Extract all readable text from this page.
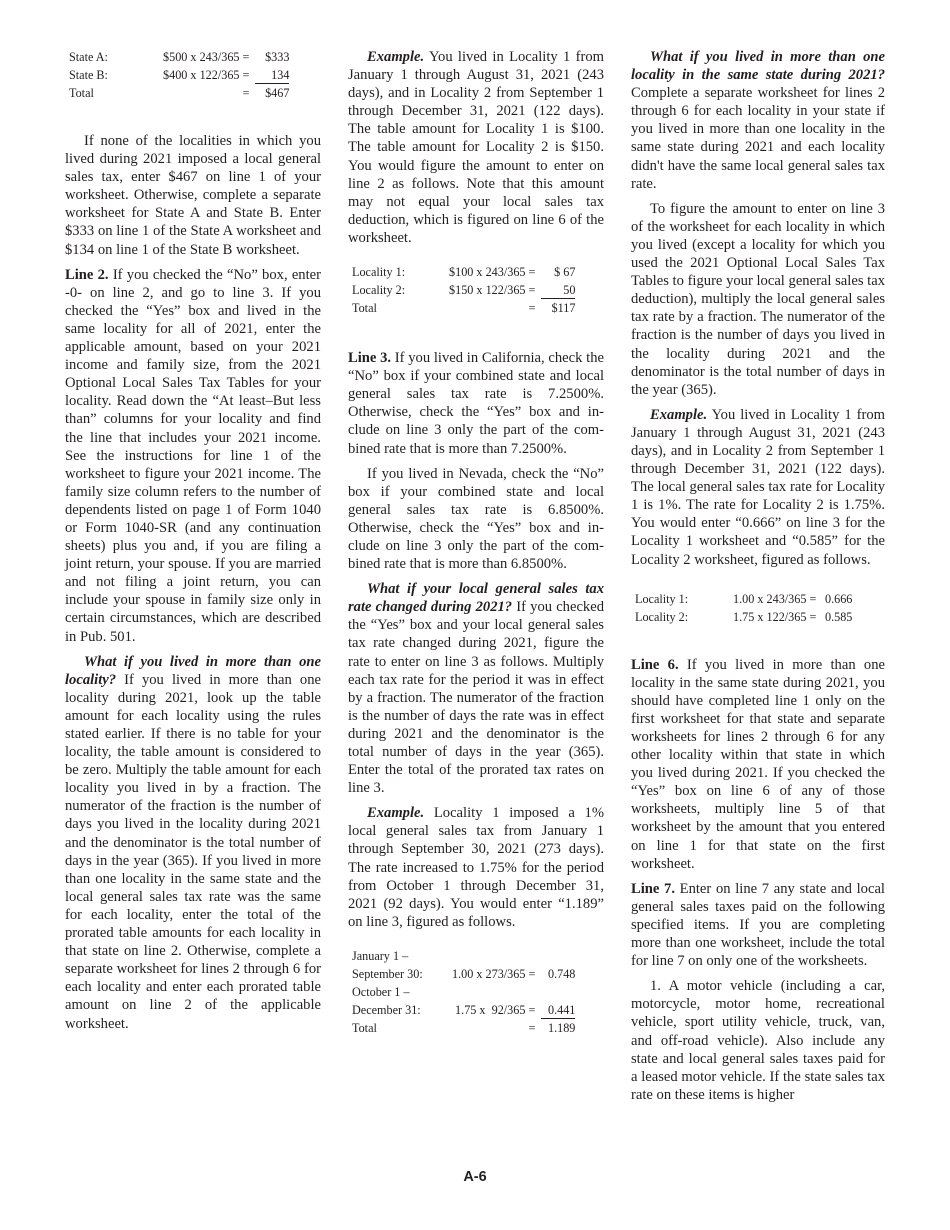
State A:	$500 x 243/365 =	$333
State B:	$400 x 122/365 =	134
Total	=	$467

If none of the localities in which you lived during 2021 imposed a local general sales tax, enter $467 on line 1 of your worksheet. Otherwise, complete a separate worksheet for State A and State B. Enter $333 on line 1 of the State A worksheet and $134 on line 1 of the State B worksheet.

Line 2. If you checked the “No” box, enter -0- on line 2, and go to line 3. If you checked the “Yes” box and lived in the same locality for all of 2021, enter the applicable amount, based on your 2021 income and family size, from the 2021 Optional Local Sales Tax Tables for your locality. Read down the “At least–But less than” columns for your locality and find the line that includes your 2021 income. See the instructions for line 1 of the worksheet to figure your 2021 income. The family size column refers to the number of dependents listed on page 1 of Form 1040 or Form 1040-SR (and any continuation sheets) plus you and, if you are filing a joint return, your spouse. If you are married and not filing a joint return, you can include your spouse in family size only in certain circumstances, which are described in Pub. 501.

What if you lived in more than one locality? If you lived in more than one locality during 2021, look up the table amount for each locality using the rules stated earlier. If there is no table for your locality, the table amount is considered to be zero. Multiply the table amount for each locality you lived in by a fraction. The numerator of the fraction is the number of days you lived in the locality during 2021 and the denominator is the total number of days in the year (365). If you lived in more than one locality in the same state and the local general sales tax rate was the same for each locality, enter the total of the prorated table amounts for each locality in that state on line 2. Otherwise, complete a separate worksheet for lines 2 through 6 for each locality and enter each prorated table amount on line 2 of the applicable worksheet.

Example. You lived in Locality 1 from January 1 through August 31, 2021 (243 days), and in Locality 2 from September 1 through December 31, 2021 (122 days). The table amount for Locality 1 is $100. The table amount for Locality 2 is $150. You would figure the amount to enter on line 2 as follows. Note that this amount may not equal your local sales tax deduction, which is figured on line 6 of the worksheet.

Locality 1:	$100 x 243/365 =	$ 67
Locality 2:	$150 x 122/365 =	50
Total	=	$117

Line 3. If you lived in California, check the “No” box if your combined state and local general sales tax rate is 7.2500%. Otherwise, check the “Yes” box and include on line 3 only the part of the combined rate that is more than 7.2500%.

If you lived in Nevada, check the “No” box if your combined state and local general sales tax rate is 6.8500%. Otherwise, check the “Yes” box and include on line 3 only the part of the combined rate that is more than 6.8500%.

What if your local general sales tax rate changed during 2021? If you checked the “Yes” box and your local general sales tax rate changed during 2021, figure the rate to enter on line 3 as follows. Multiply each tax rate for the period it was in effect by a fraction. The numerator of the fraction is the number of days the rate was in effect during 2021 and the denominator is the total number of days in the year (365). Enter the total of the prorated tax rates on line 3.

Example. Locality 1 imposed a 1% local general sales tax from January 1 through September 30, 2021 (273 days). The rate increased to 1.75% for the period from October 1 through December 31, 2021 (92 days). You would enter “1.189” on line 3, figured as follows.

January 1 –		
September 30:	1.00 x 273/365 =	0.748
October 1 –		
December 31:	1.75 x  92/365 =	0.441
Total	=	1.189

What if you lived in more than one locality in the same state during 2021? Complete a separate worksheet for lines 2 through 6 for each locality in your state if you lived in more than one locality in the same state during 2021 and each locality didn't have the same local general sales tax rate.

To figure the amount to enter on line 3 of the worksheet for each locality in which you lived (except a locality for which you used the 2021 Optional Local Sales Tax Tables to figure your local general sales tax deduction), multiply the local general sales tax rate by a fraction. The numerator of the fraction is the number of days you lived in the locality during 2021 and the denominator is the total number of days in the year (365).

Example. You lived in Locality 1 from January 1 through August 31, 2021 (243 days), and in Locality 2 from September 1 through December 31, 2021 (122 days). The local general sales tax rate for Locality 1 is 1%. The rate for Locality 2 is 1.75%. You would enter “0.666” on line 3 for the Locality 1 worksheet and “0.585” for the Locality 2 worksheet, figured as follows.

Locality 1:	1.00 x 243/365 =	0.666
Locality 2:	1.75 x 122/365 =	0.585

Line 6. If you lived in more than one locality in the same state during 2021, you should have completed line 1 only on the first worksheet for that state and separate worksheets for lines 2 through 6 for any other locality within that state in which you lived during 2021. If you checked the “Yes” box on line 6 of any of those worksheets, multiply line 5 of that worksheet by the amount that you entered on line 1 for that state on the first worksheet.

Line 7. Enter on line 7 any state and local general sales taxes paid on the following specified items. If you are completing more than one worksheet, include the total for line 7 on only one of the worksheets.

1. A motor vehicle (including a car, motorcycle, motor home, recreational vehicle, sport utility vehicle, truck, van, and off-road vehicle). Also include any state and local general sales taxes paid for a leased motor vehicle. If the state sales tax rate on these items is higher

A-6
